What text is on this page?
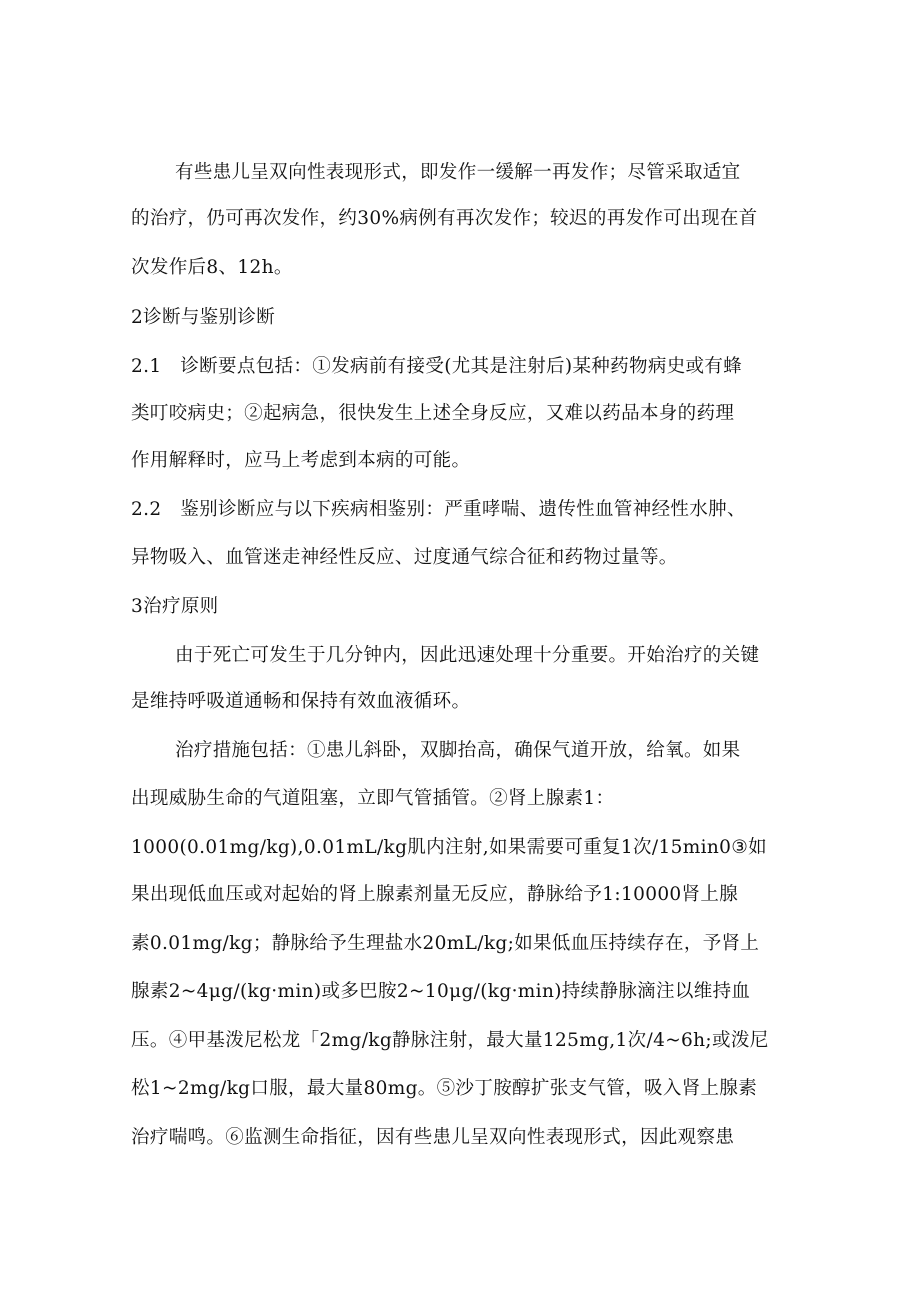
有些患儿呈双向性表现形式，即发作一缓解一再发作；尽管采取适宜
的治疗，仍可再次发作，约30%病例有再次发作；较迟的再发作可出现在首
次发作后8、12h。
2诊断与鉴别诊断
2.1　诊断要点包括：①发病前有接受(尤其是注射后)某种药物病史或有蜂
类叮咬病史；②起病急，很快发生上述全身反应，又难以药品本身的药理
作用解释时，应马上考虑到本病的可能。
2.2　鉴别诊断应与以下疾病相鉴别：严重哮喘、遗传性血管神经性水肿、
异物吸入、血管迷走神经性反应、过度通气综合征和药物过量等。
3治疗原则
由于死亡可发生于几分钟内，因此迅速处理十分重要。开始治疗的关键
是维持呼吸道通畅和保持有效血液循环。
治疗措施包括：①患儿斜卧，双脚抬高，确保气道开放，给氧。如果
出现威胁生命的气道阻塞，立即气管插管。②肾上腺素1：
1000(0.01mg/kg),0.01mL/kg肌内注射,如果需要可重复1次/15min0③如
果出现低血压或对起始的肾上腺素剂量无反应，静脉给予1:10000肾上腺
素0.01mg/kg；静脉给予生理盐水20mL/kg;如果低血压持续存在，予肾上
腺素2~4μg/(kg·min)或多巴胺2~10μg/(kg·min)持续静脉滴注以维持血
压。④甲基泼尼松龙「2mg/kg静脉注射，最大量125mg,1次/4~6h;或泼尼
松1~2mg/kg口服，最大量80mg。⑤沙丁胺醇扩张支气管，吸入肾上腺素
治疗喘鸣。⑥监测生命指征，因有些患儿呈双向性表现形式，因此观察患
